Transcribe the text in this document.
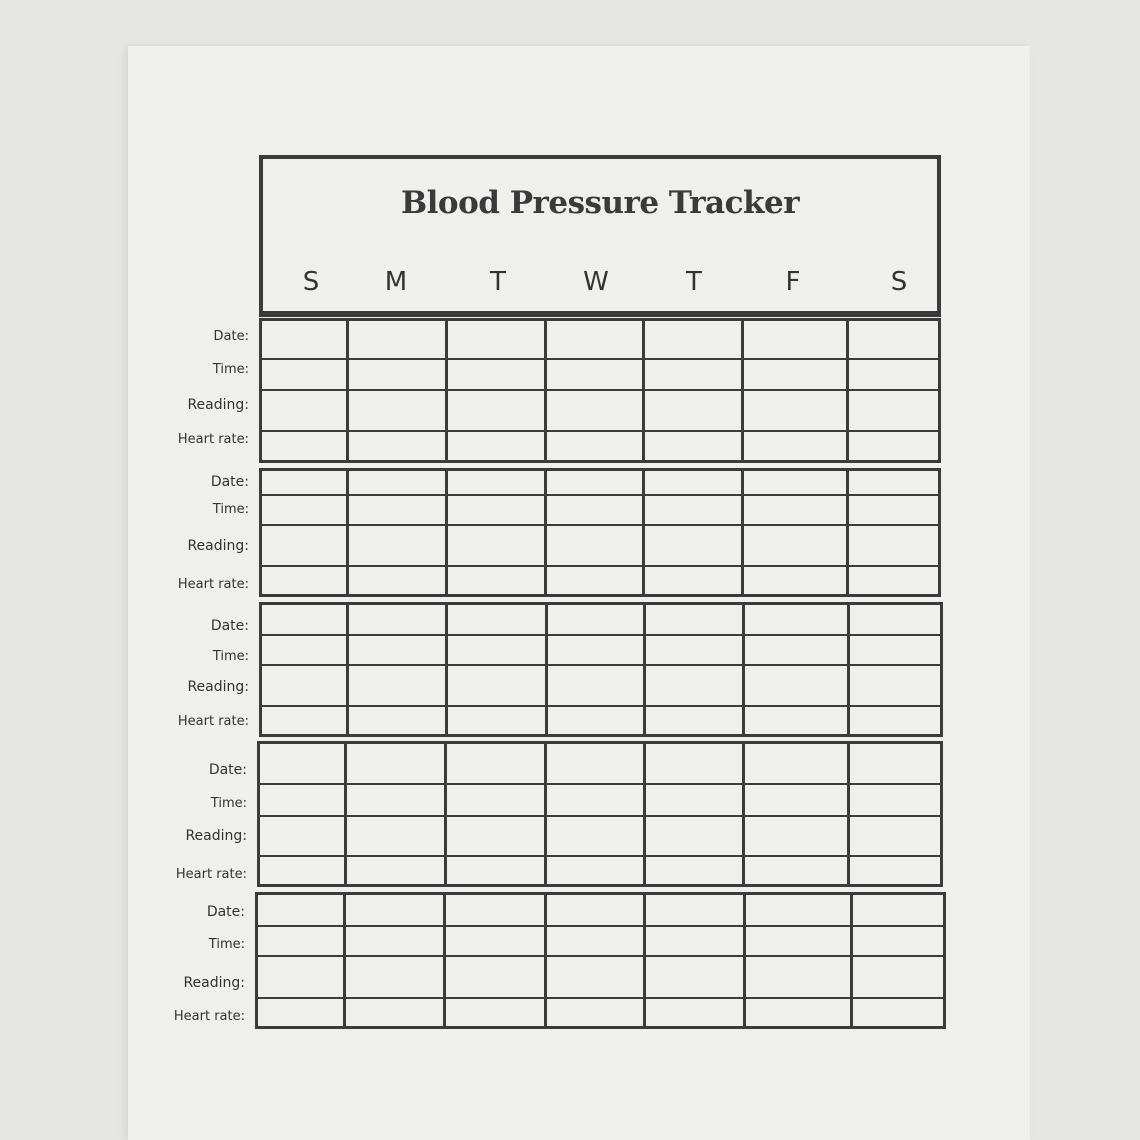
Blood Pressure Tracker
S	M	T	W	T	F	S
Date:
Time:
Reading:
Heart rate:
Date:
Time:
Reading:
Heart rate:
Date:
Time:
Reading:
Heart rate:
Date:
Time:
Reading:
Heart rate:
Date:
Time:
Reading:
Heart rate:
